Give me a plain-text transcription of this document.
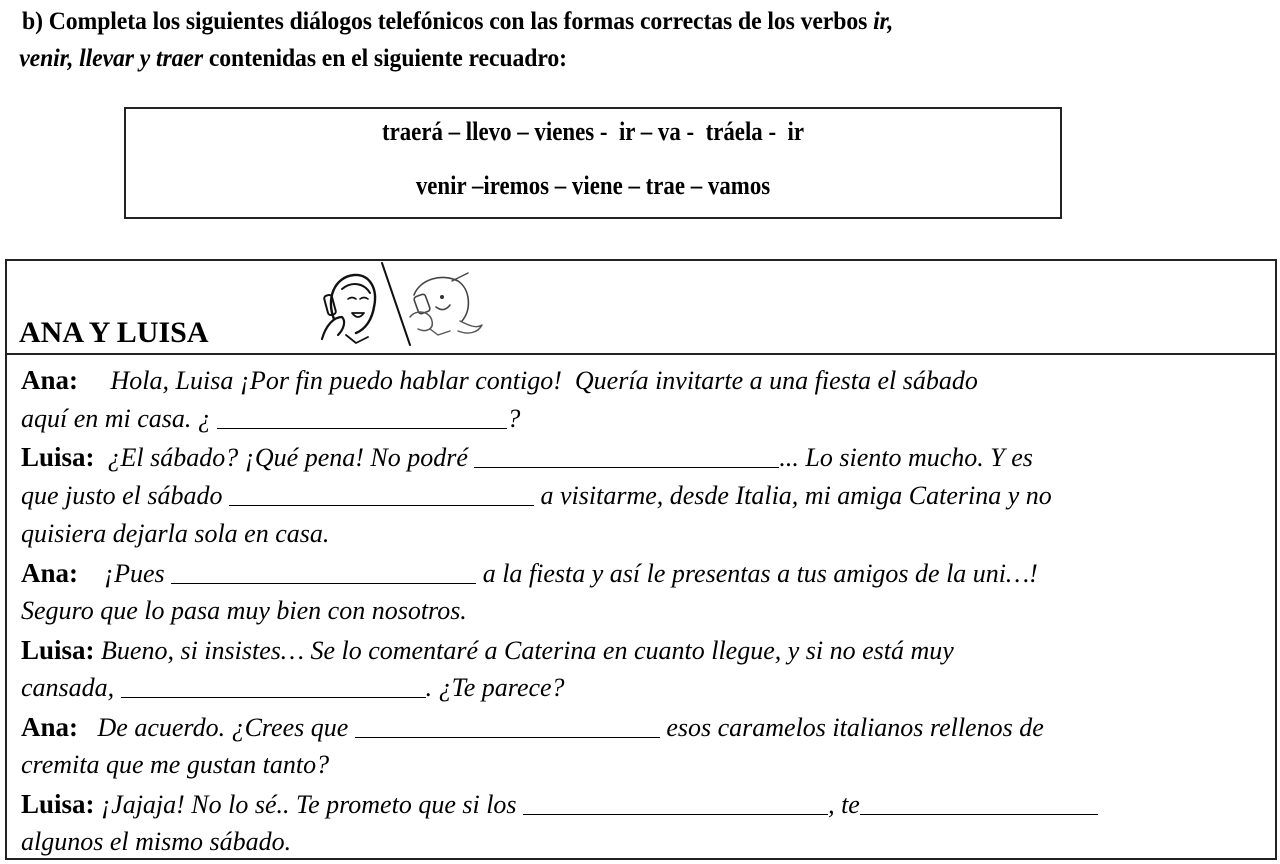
b) Completa los siguientes diálogos telefónicos con las formas correctas de los verbos ir,
venir, llevar y traer contenidas en el siguiente recuadro:
traerá – llevo – vienes -  ir – va -  tráela -  ir
venir –iremos – viene – trae – vamos
ANA Y LUISA
Ana:     Hola, Luisa ¡Por fin puedo hablar contigo!  Quería invitarte a una fiesta el sábado
aquí en mi casa. ¿	?
Luisa:  ¿El sábado? ¡Qué pena! No podré	... Lo siento mucho. Y es
que justo el sábado	a visitarme, desde Italia, mi amiga Caterina y no
quisiera dejarla sola en casa.
Ana:    ¡Pues	a la fiesta y así le presentas a tus amigos de la uni…!
Seguro que lo pasa muy bien con nosotros.
Luisa: Bueno, si insistes… Se lo comentaré a Caterina en cuanto llegue, y si no está muy
cansada,	. ¿Te parece?
Ana:   De acuerdo. ¿Crees que	esos caramelos italianos rellenos de
cremita que me gustan tanto?
Luisa: ¡Jajaja! No lo sé.. Te prometo que si los	, te
algunos el mismo sábado.
